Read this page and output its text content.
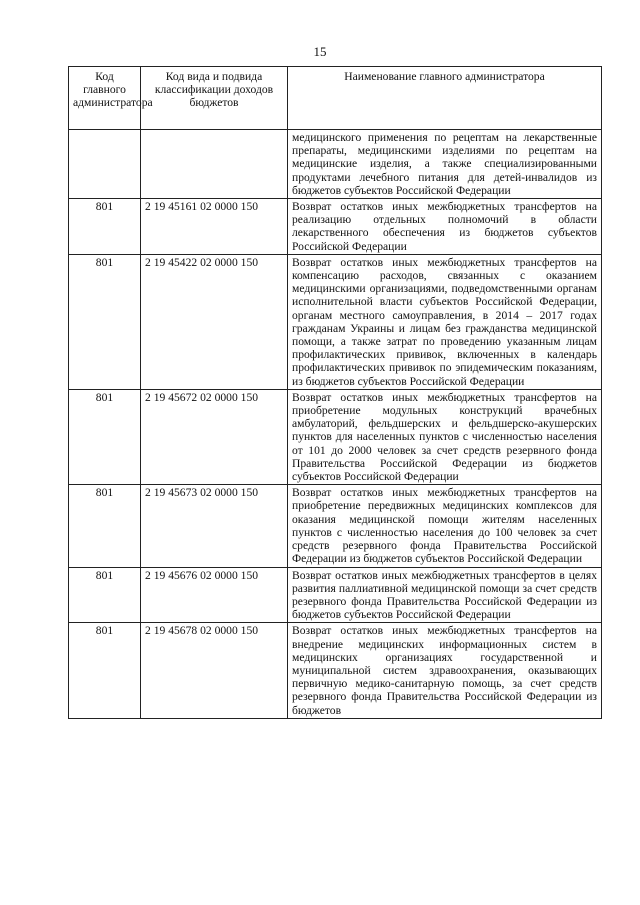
15
Код главного администратора	Код вида и подвида классификации доходов бюджетов	Наименование главного администратора
		медицинского применения по рецептам на лекарственные препараты, медицинскими изделиями по рецептам на медицинские изделия, а также специализированными продуктами лечебного питания для детей-инвалидов из бюджетов субъектов Российской Федерации
801	2 19 45161 02 0000 150	Возврат остатков иных межбюджетных трансфертов на реализацию отдельных полномочий в области лекарственного обеспечения из бюджетов субъектов Российской Федерации
801	2 19 45422 02 0000 150	Возврат остатков иных межбюджетных трансфертов на компенсацию расходов, связанных с оказанием медицинскими организациями, подведомственными органам исполнительной власти субъектов Российской Федерации, органам местного самоуправления, в 2014 – 2017 годах гражданам Украины и лицам без гражданства медицинской помощи, а также затрат по проведению указанным лицам профилактических прививок, включенных в календарь профилактических прививок по эпидемическим показаниям, из бюджетов субъектов Российской Федерации
801	2 19 45672 02 0000 150	Возврат остатков иных межбюджетных трансфертов на приобретение модульных конструкций врачебных амбулаторий, фельдшерских и фельдшерско-акушерских пунктов для населенных пунктов с численностью населения от 101 до 2000 человек за счет средств резервного фонда Правительства Российской Федерации из бюджетов субъектов Российской Федерации
801	2 19 45673 02 0000 150	Возврат остатков иных межбюджетных трансфертов на приобретение передвижных медицинских комплексов для оказания медицинской помощи жителям населенных пунктов с численностью населения до 100 человек за счет средств резервного фонда Правительства Российской Федерации из бюджетов субъектов Российской Федерации
801	2 19 45676 02 0000 150	Возврат остатков иных межбюджетных трансфертов в целях развития паллиативной медицинской помощи за счет средств резервного фонда Правительства Российской Федерации из бюджетов субъектов Российской Федерации
801	2 19 45678 02 0000 150	Возврат остатков иных межбюджетных трансфертов на внедрение медицинских информационных систем в медицинских организациях государственной и муниципальной систем здравоохранения, оказывающих первичную медико-санитарную помощь, за счет средств резервного фонда Правительства Российской Федерации из бюджетов
